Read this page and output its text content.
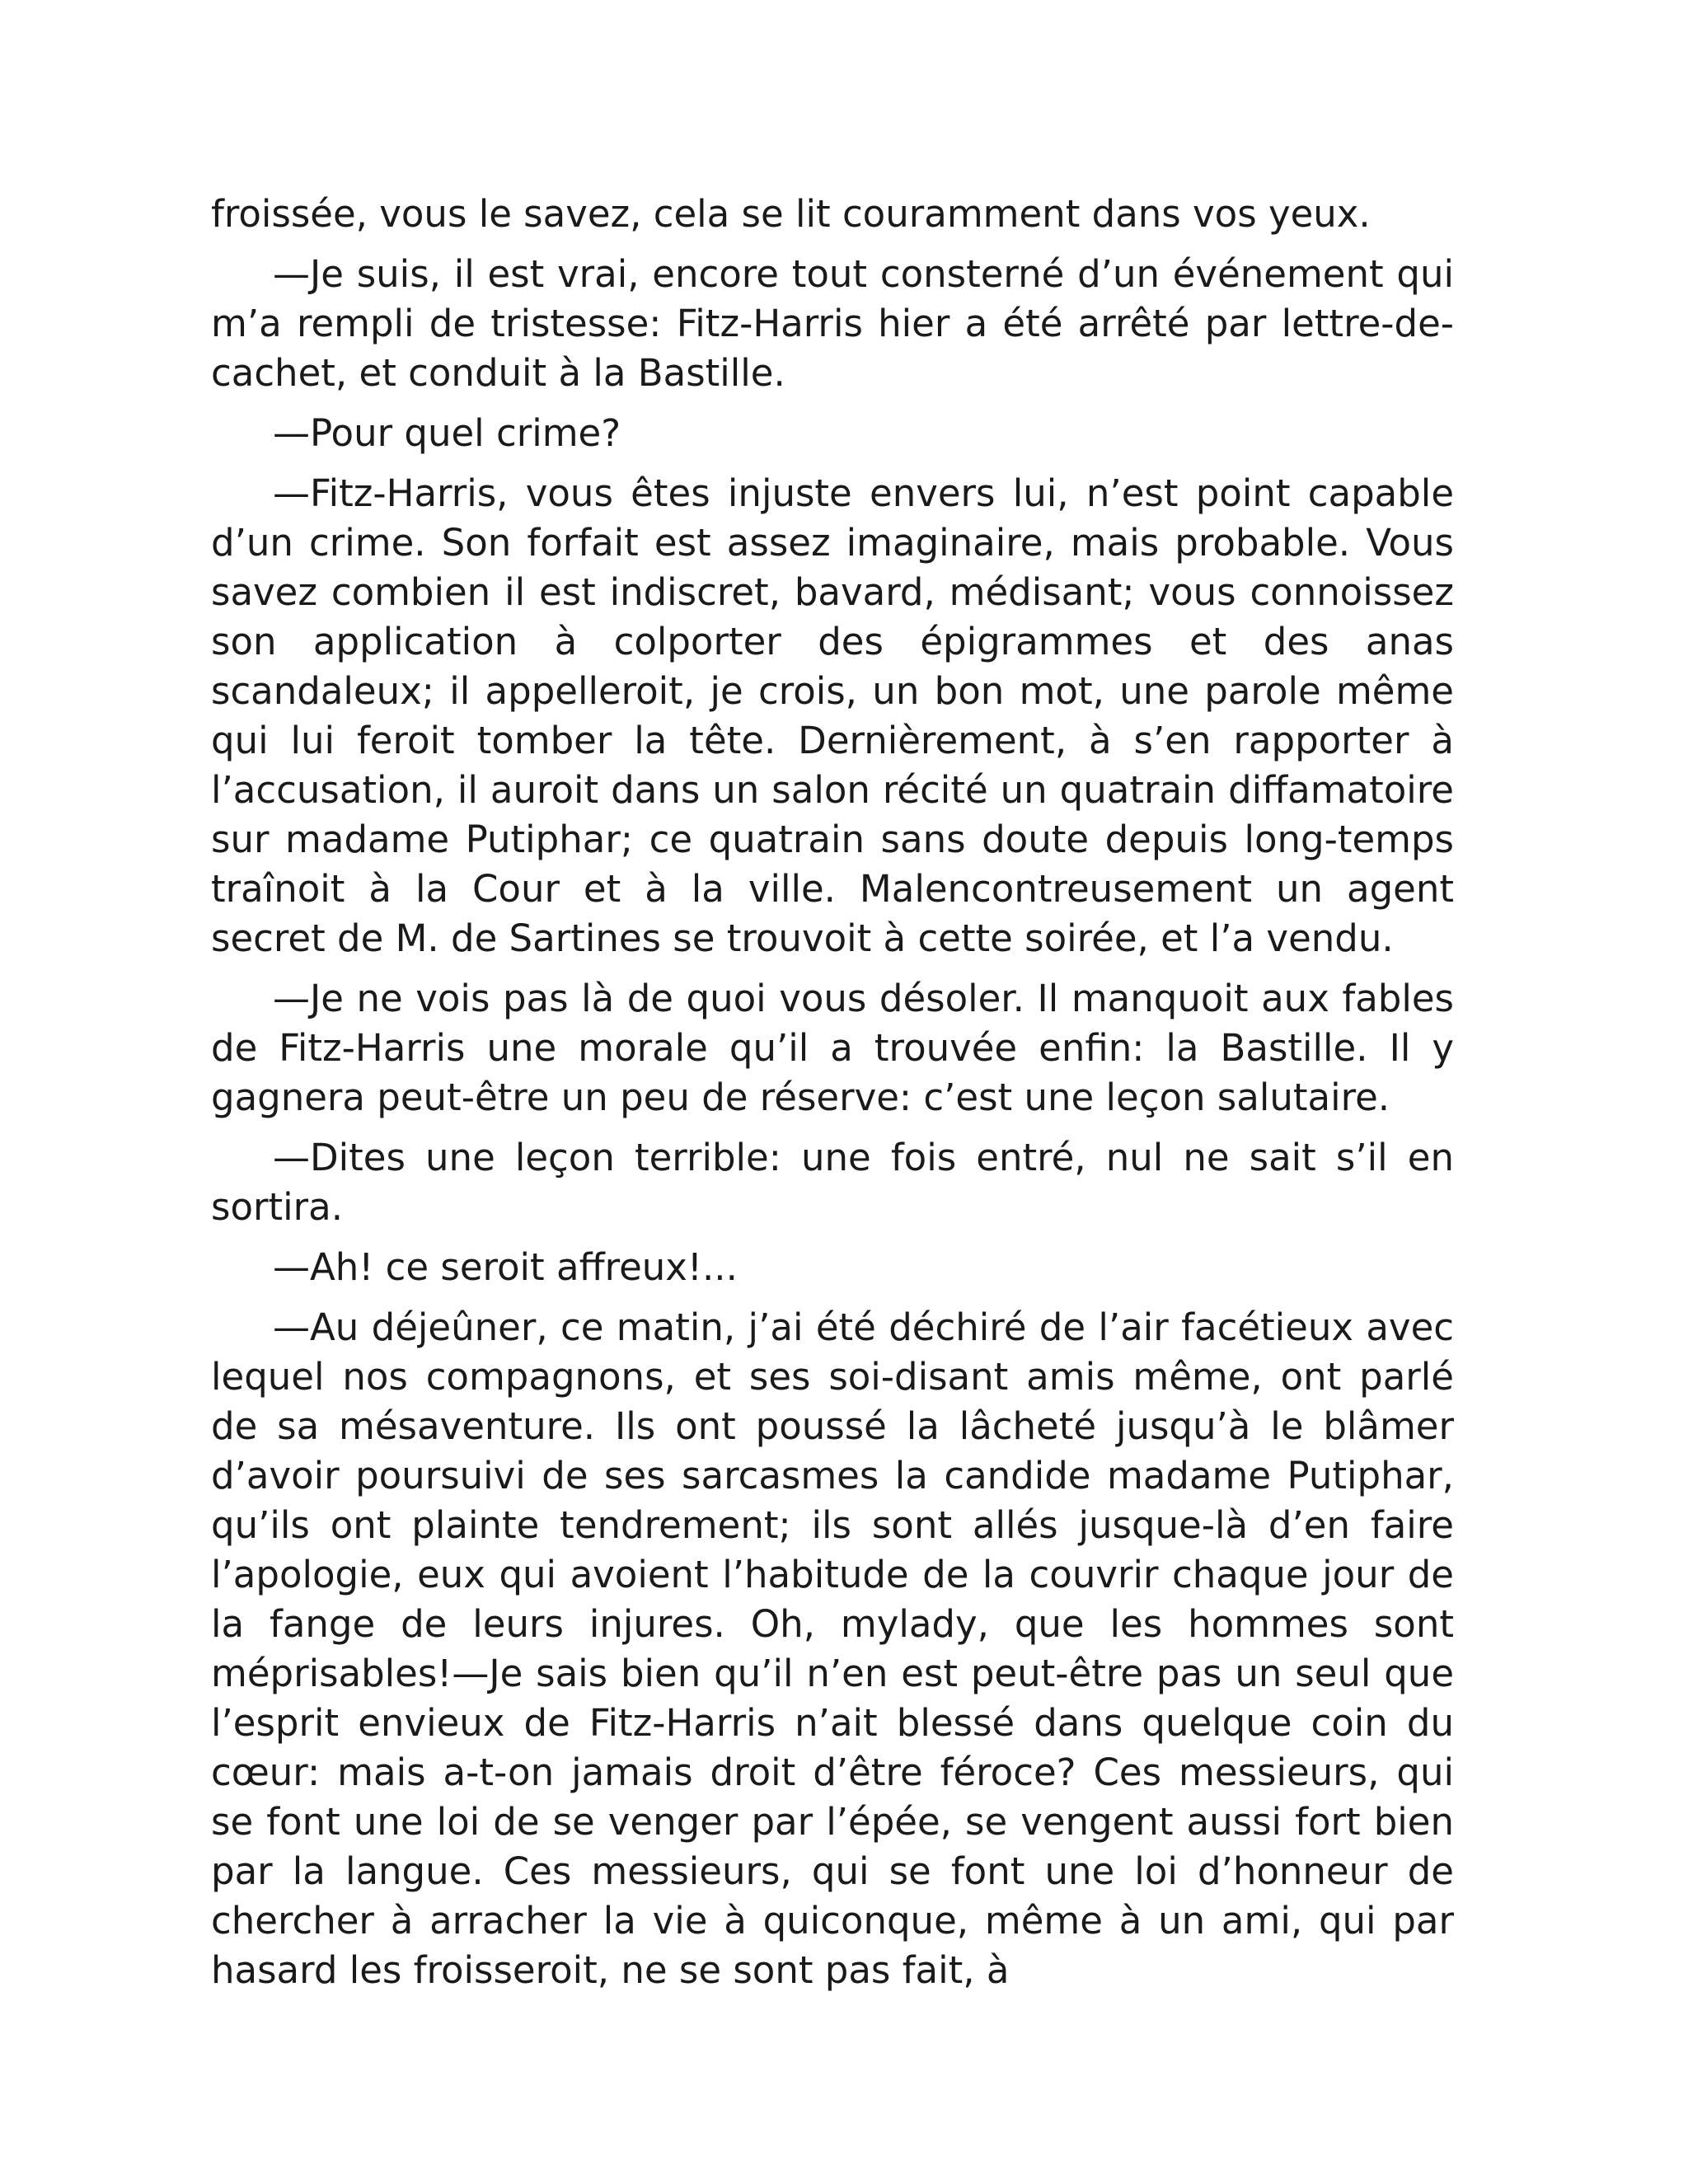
froissée, vous le savez, cela se lit couramment dans vos yeux.

—Je suis, il est vrai, encore tout consterné d’un événement qui m’a rempli de tristesse: Fitz-Harris hier a été arrêté par lettre-de-cachet, et conduit à la Bastille.

—Pour quel crime?

—Fitz-Harris, vous êtes injuste envers lui, n’est point capable d’un crime. Son forfait est assez imaginaire, mais probable. Vous savez combien il est indiscret, bavard, médisant; vous connoissez son application à colporter des épigrammes et des anas scandaleux; il appelleroit, je crois, un bon mot, une parole même qui lui feroit tomber la tête. Dernièrement, à s’en rapporter à l’accusation, il auroit dans un salon récité un quatrain diffamatoire sur madame Putiphar; ce quatrain sans doute depuis long-temps traînoit à la Cour et à la ville. Malencontreusement un agent secret de M. de Sartines se trouvoit à cette soirée, et l’a vendu.

—Je ne vois pas là de quoi vous désoler. Il manquoit aux fables de Fitz-Harris une morale qu’il a trouvée enfin: la Bastille. Il y gagnera peut-être un peu de réserve: c’est une leçon salutaire.

—Dites une leçon terrible: une fois entré, nul ne sait s’il en sortira.

—Ah! ce seroit affreux!...

—Au déjeûner, ce matin, j’ai été déchiré de l’air facétieux avec lequel nos compagnons, et ses soi-disant amis même, ont parlé de sa mésaventure. Ils ont poussé la lâcheté jusqu’à le blâmer d’avoir poursuivi de ses sarcasmes la candide madame Putiphar, qu’ils ont plainte tendrement; ils sont allés jusque-là d’en faire l’apologie, eux qui avoient l’habitude de la couvrir chaque jour de la fange de leurs injures. Oh, mylady, que les hommes sont méprisables!—Je sais bien qu’il n’en est peut-être pas un seul que l’esprit envieux de Fitz-Harris n’ait blessé dans quelque coin du cœur: mais a-t-on jamais droit d’être féroce? Ces messieurs, qui se font une loi de se venger par l’épée, se vengent aussi fort bien par la langue. Ces messieurs, qui se font une loi d’honneur de chercher à arracher la vie à quiconque, même à un ami, qui par hasard les froisseroit, ne se sont pas fait, à
